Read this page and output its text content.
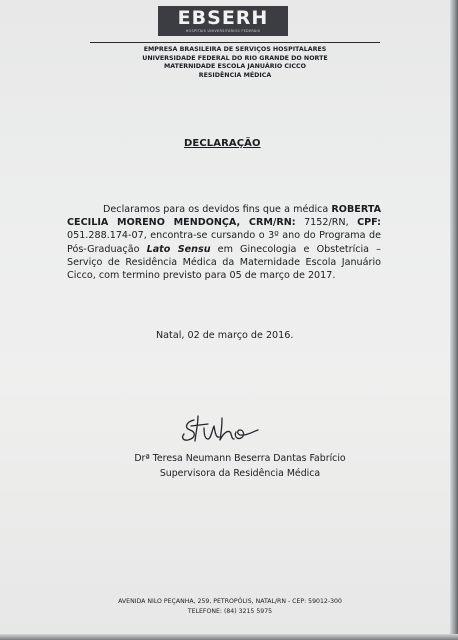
EBSERH
HOSPITAIS UNIVERSITÁRIOS FEDERAIS
EMPRESA BRASILEIRA DE SERVIÇOS HOSPITALARES
UNIVERSIDADE FEDERAL DO RIO GRANDE DO NORTE
MATERNIDADE ESCOLA JANUÁRIO CICCO
RESIDÊNCIA MÉDICA
DECLARAÇÃO
Declaramos para os devidos fins que a médica ROBERTA CECILIA MORENO MENDONÇA, CRM/RN: 7152/RN, CPF: 051.288.174-07, encontra-se cursando o 3º ano do Programa de Pós-Graduação Lato Sensu em Ginecologia e Obstetrícia – Serviço de Residência Médica da Maternidade Escola Januário Cicco, com termino previsto para 05 de março de 2017.
Natal, 02 de março de 2016.
Drª Teresa Neumann Beserra Dantas Fabrício
Supervisora da Residência Médica
AVENIDA NILO PEÇANHA, 259, PETROPÓLIS, NATAL/RN - CEP: 59012-300
TELEFONE: (84) 3215 5975
